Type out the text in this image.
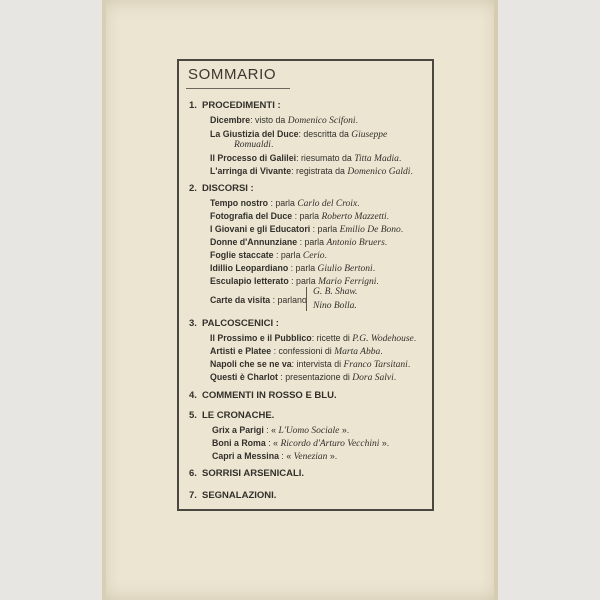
SOMMARIO
1. PROCEDIMENTI :
Dicembre: visto da Domenico Scifoni.
La Giustizia del Duce: descritta da Giuseppe
Romualdi.
Il Processo di Galilei: riesumato da Titta Madia.
L'arringa di Vivante: registrata da Domenico Galdi.
2. DISCORSI :
Tempo nostro : parla Carlo del Croix.
Fotografia del Duce : parla Roberto Mazzetti.
I Giovani e gli Educatori : parla Emilio De Bono.
Donne d'Annunziane : parla Antonio Bruers.
Foglie staccate : parla Cerio.
Idillio Leopardiano : parla Giulio Bertoni.
Esculapio letterato : parla Mario Ferrigni.
Carte da visita : parlano
G. B. Shaw.
Nino Bolla.
3. PALCOSCENICI :
Il Prossimo e il Pubblico: ricette di P.G. Wodehouse.
Artisti e Platee : confessioni di Marta Abba.
Napoli che se ne va: intervista di Franco Tarsitani.
Questi è Charlot : presentazione di Dora Salvi.
4. COMMENTI IN ROSSO E BLU.
5. LE CRONACHE.
Grix a Parigi : « L'Uomo Sociale ».
Boni a Roma : « Ricordo d'Arturo Vecchini ».
Capri a Messina : « Venezian ».
6. SORRISI ARSENICALI.
7. SEGNALAZIONI.
